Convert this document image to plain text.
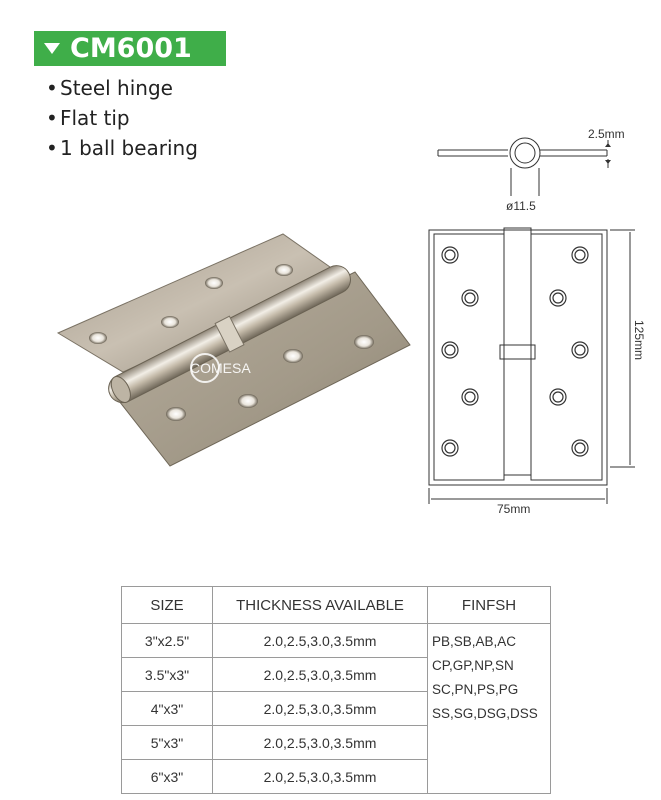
CM6001
• Steel hinge
• Flat tip
• 1 ball bearing
COMESA
2.5mm
ø11.5
125mm
75mm
SIZE	THICKNESS AVAILABLE	FINFSH
3"x2.5"	2.0,2.5,3.0,3.5mm	PB,SB,AB,AC
CP,GP,NP,SN
SC,PN,PS,PG
SS,SG,DSG,DSS

3.5"x3"	2.0,2.5,3.0,3.5mm	
4"x3"	2.0,2.5,3.0,3.5mm	
5"x3"	2.0,2.5,3.0,3.5mm	
6"x3"	2.0,2.5,3.0,3.5mm	
